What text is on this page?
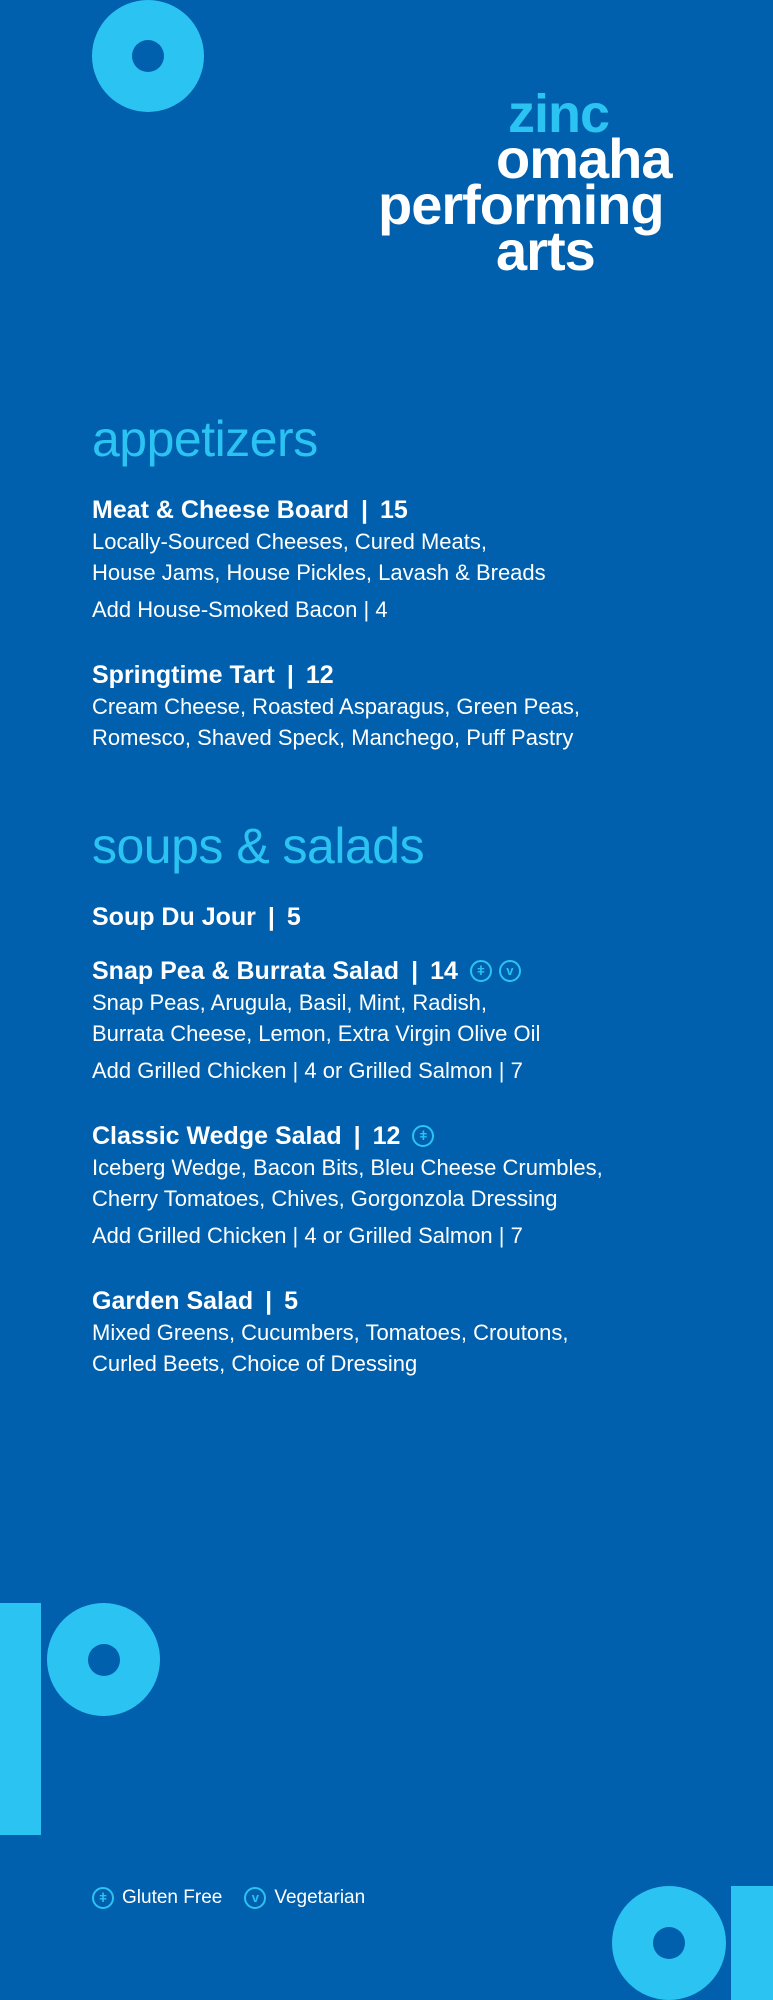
zinc
omaha
performing
arts
appetizers
Meat & Cheese Board | 15
Locally-Sourced Cheeses, Cured Meats,
House Jams, House Pickles, Lavash & Breads
Add House-Smoked Bacon | 4
Springtime Tart | 12
Cream Cheese, Roasted Asparagus, Green Peas,
Romesco, Shaved Speck, Manchego, Puff Pastry
soups & salads
Soup Du Jour | 5
Snap Pea & Burrata Salad | 14	ǂ	v
Snap Peas, Arugula, Basil, Mint, Radish,
Burrata Cheese, Lemon, Extra Virgin Olive Oil
Add Grilled Chicken | 4 or Grilled Salmon | 7
Classic Wedge Salad | 12	ǂ
Iceberg Wedge, Bacon Bits, Bleu Cheese Crumbles,
Cherry Tomatoes, Chives, Gorgonzola Dressing
Add Grilled Chicken | 4 or Grilled Salmon | 7
Garden Salad | 5
Mixed Greens, Cucumbers, Tomatoes, Croutons,
Curled Beets, Choice of Dressing
ǂ Gluten Free	v Vegetarian
